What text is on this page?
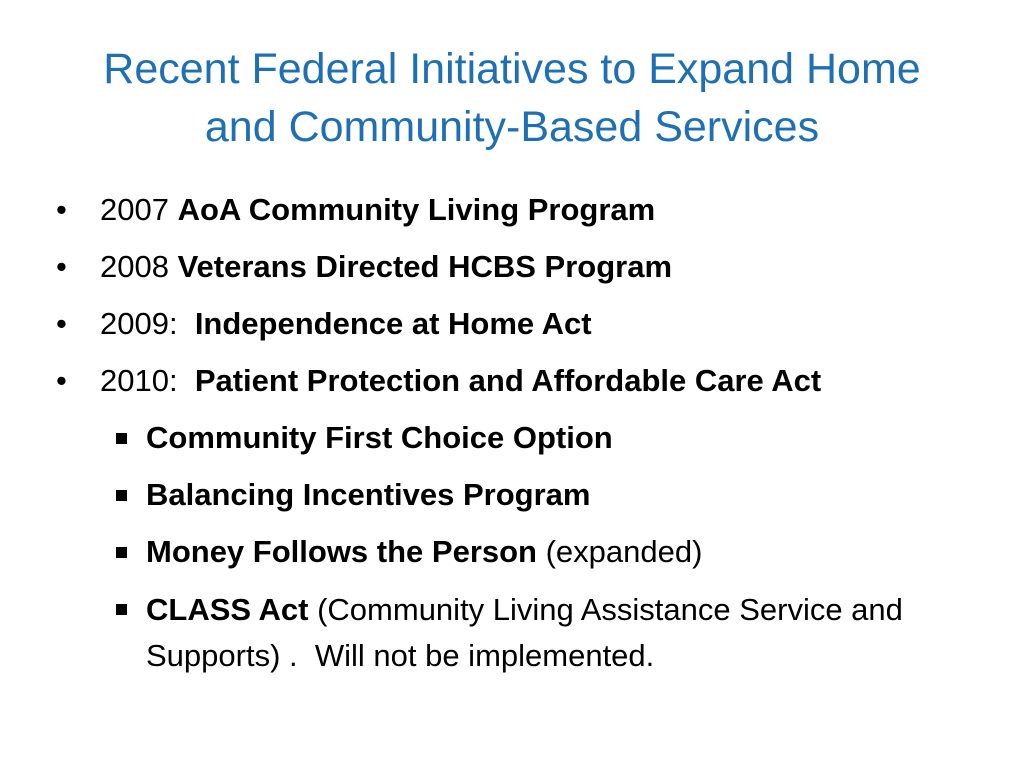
Recent Federal Initiatives to Expand Home
and Community-Based Services
•	2007 AoA Community Living Program
•	2008 Veterans Directed HCBS Program
•	2009:  Independence at Home Act
•	2010:  Patient Protection and Affordable Care Act
Community First Choice Option
Balancing Incentives Program
Money Follows the Person (expanded)
CLASS Act (Community Living Assistance Service and Supports) .  Will not be implemented.
